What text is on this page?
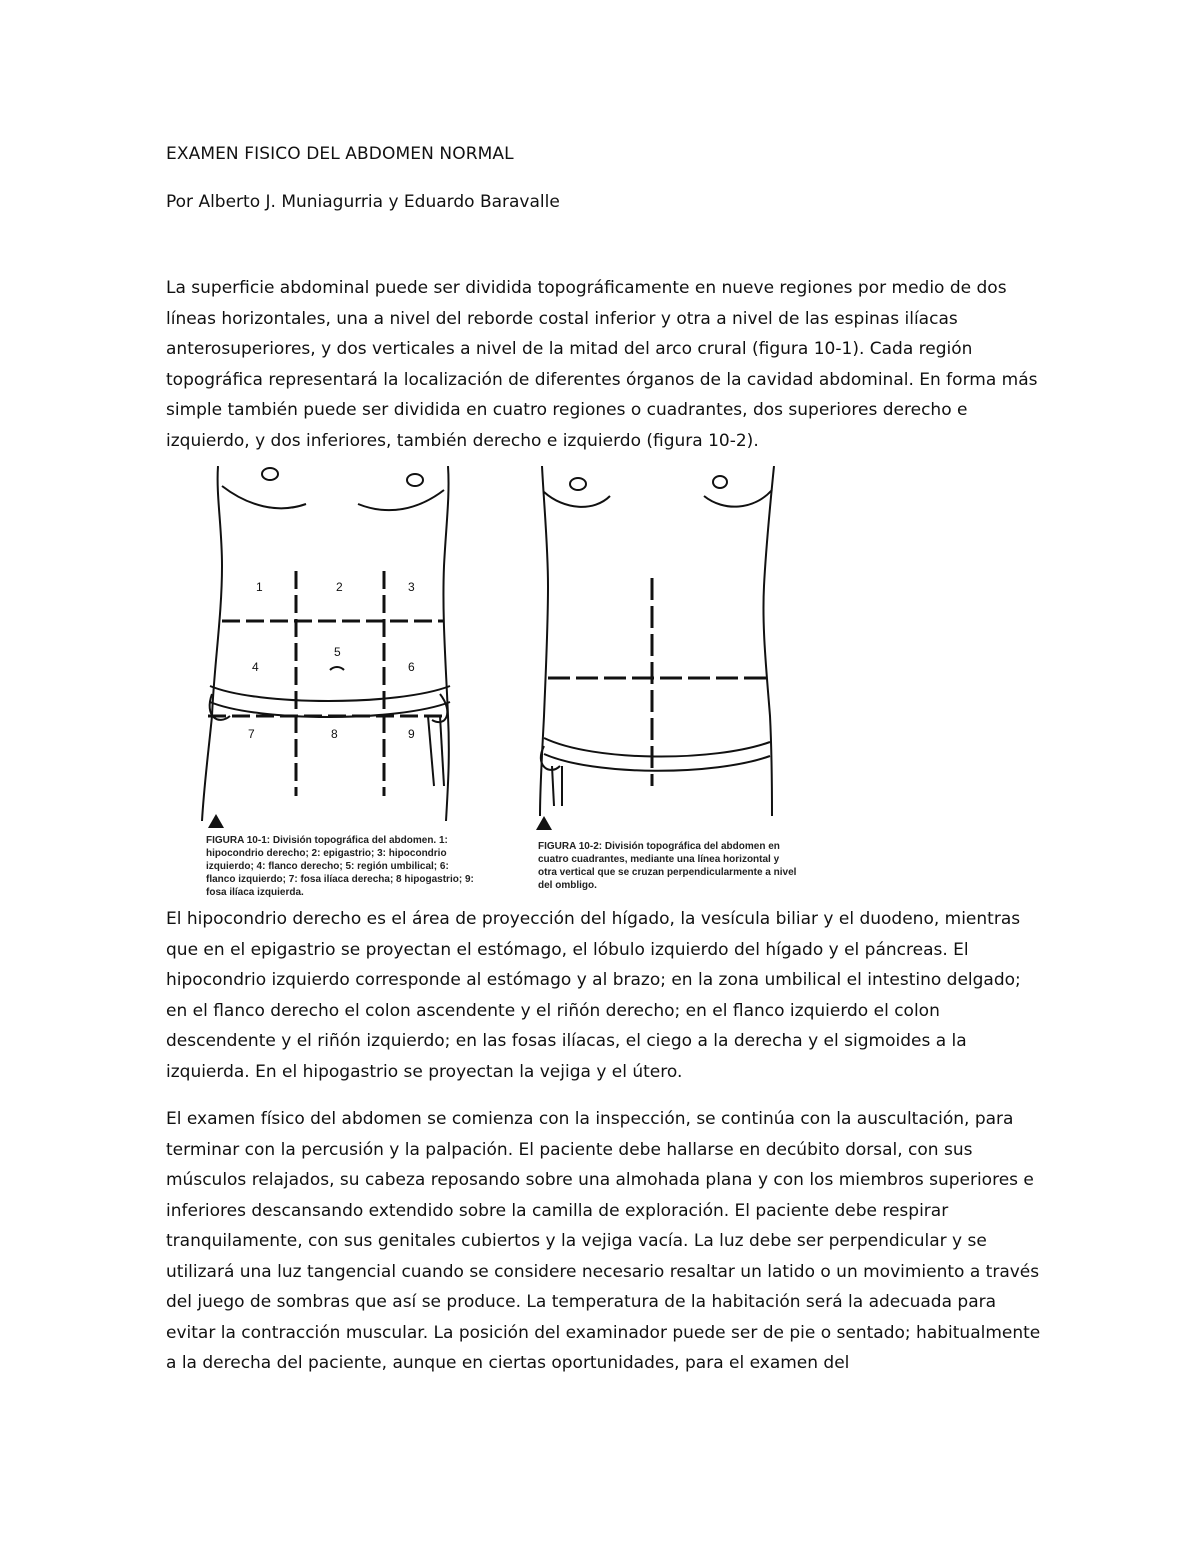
EXAMEN FISICO DEL ABDOMEN NORMAL

Por Alberto J. Muniagurria y Eduardo Baravalle

La superficie abdominal puede ser dividida topográficamente en nueve regiones por medio de dos líneas horizontales, una a nivel del reborde costal inferior y otra a nivel de las espinas ilíacas anterosuperiores, y dos verticales a nivel de la mitad del arco crural (figura 10-1). Cada región topográfica representará la localización de diferentes órganos de la cavidad abdominal. En forma más simple también puede ser dividida en cuatro regiones o cuadrantes, dos superiores derecho e izquierdo, y dos inferiores, también derecho e izquierdo (figura 10-2).

1	2	3
4
5
6
7	8	9
FIGURA 10-1: División topográfica del abdomen. 1: hipocondrio derecho; 2: epigastrio; 3: hipocondrio izquierdo; 4: flanco derecho; 5: región umbilical; 6: flanco izquierdo; 7: fosa ilíaca derecha; 8 hipogastrio; 9: fosa ilíaca izquierda.
FIGURA 10-2: División topográfica del abdomen en cuatro cuadrantes, mediante una línea horizontal y otra vertical que se cruzan perpendicularmente a nivel del ombligo.

El hipocondrio derecho es el área de proyección del hígado, la vesícula biliar y el duodeno, mientras que en el epigastrio se proyectan el estómago, el lóbulo izquierdo del hígado y el páncreas. El hipocondrio izquierdo corresponde al estómago y al brazo; en la zona umbilical el intestino delgado; en el flanco derecho el colon ascendente y el riñón derecho; en el flanco izquierdo el colon descendente y el riñón izquierdo; en las fosas ilíacas, el ciego a la derecha y el sigmoides a la izquierda. En el hipogastrio se proyectan la vejiga y el útero.

El examen físico del abdomen se comienza con la inspección, se continúa con la auscultación, para terminar con la percusión y la palpación. El paciente debe hallarse en decúbito dorsal, con sus músculos relajados, su cabeza reposando sobre una almohada plana y con los miembros superiores e inferiores descansando extendido sobre la camilla de exploración. El paciente debe respirar tranquilamente, con sus genitales cubiertos y la vejiga vacía. La luz debe ser perpendicular y se utilizará una luz tangencial cuando se considere necesario resaltar un latido o un movimiento a través del juego de sombras que así se produce. La temperatura de la habitación será la adecuada para evitar la contracción muscular. La posición del examinador puede ser de pie o sentado; habitualmente a la derecha del paciente, aunque en ciertas oportunidades, para el examen del
